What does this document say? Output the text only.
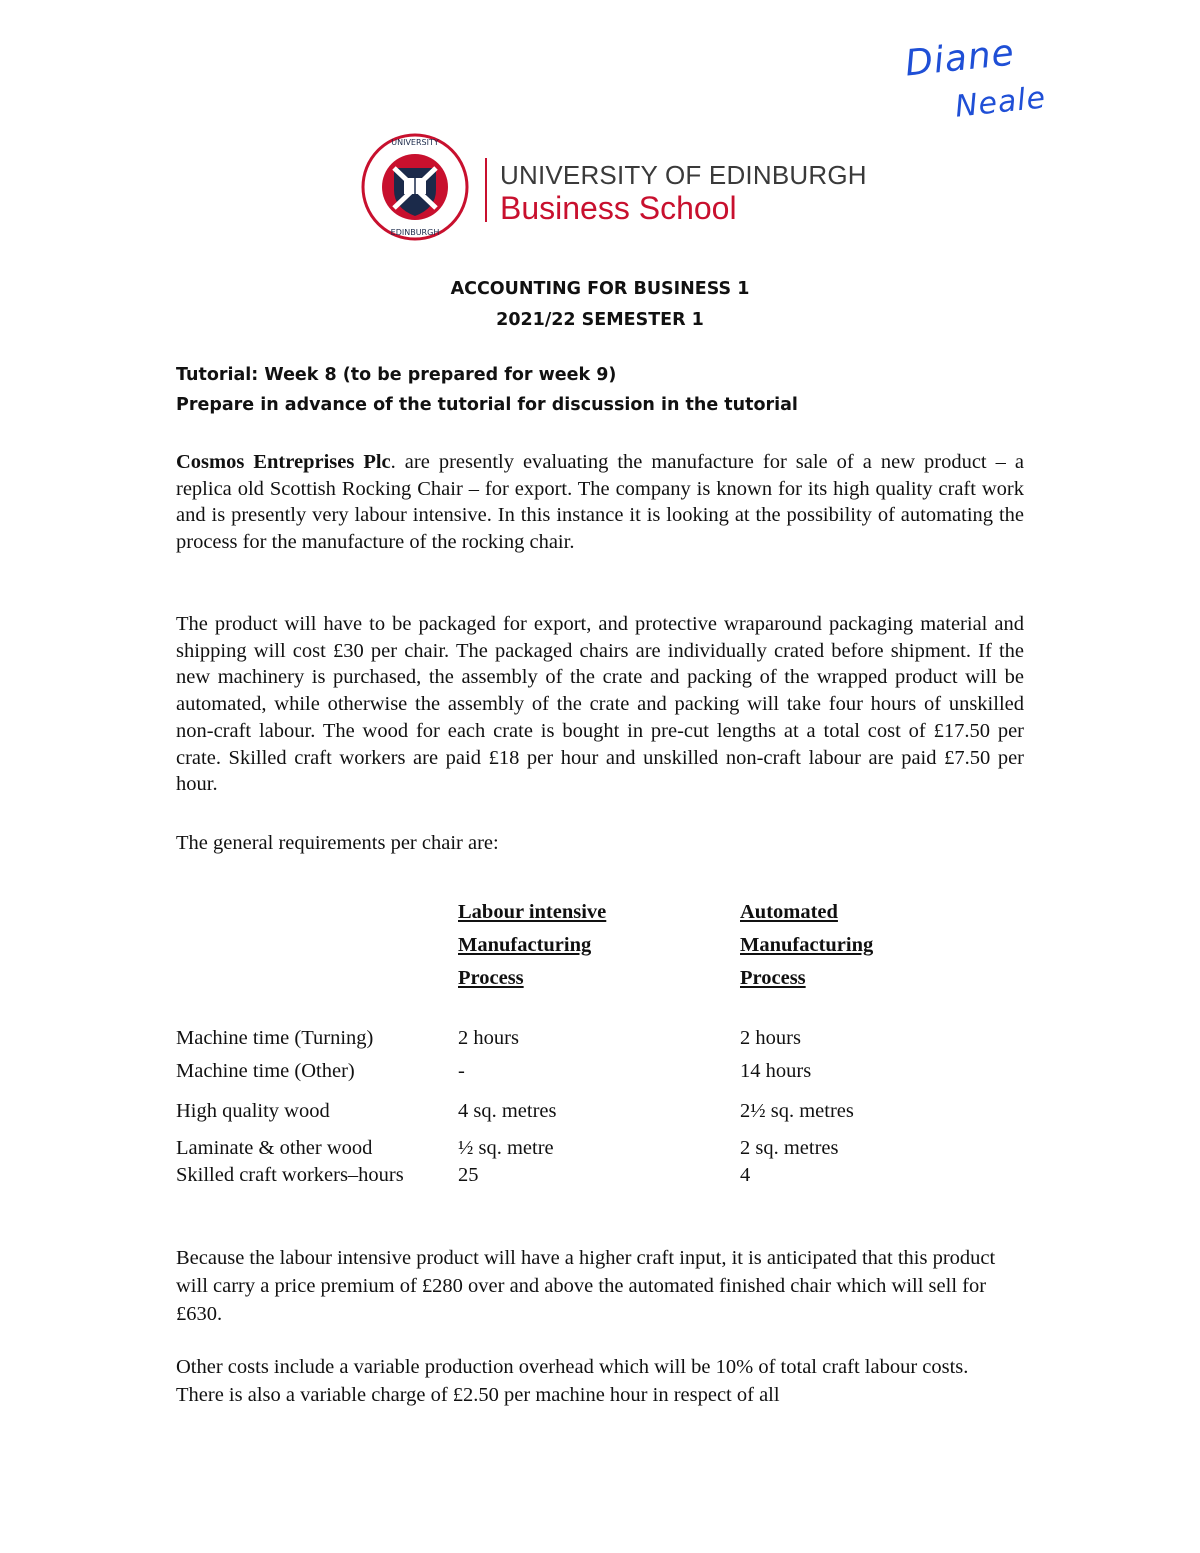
Diane
Neale
UNIVERSITY
EDINBURGH
UNIVERSITY OF EDINBURGH
Business School
ACCOUNTING FOR BUSINESS 1
2021/22 SEMESTER 1
Tutorial: Week 8 (to be prepared for week 9)
Prepare in advance of the tutorial for discussion in the tutorial
Cosmos Entreprises Plc. are presently evaluating the manufacture for sale of a new product – a replica old Scottish Rocking Chair – for export. The company is known for its high quality craft work and is presently very labour intensive. In this instance it is looking at the possibility of automating the process for the manufacture of the rocking chair.
The product will have to be packaged for export, and protective wraparound packaging material and shipping will cost £30 per chair. The packaged chairs are individually crated before shipment. If the new machinery is purchased, the assembly of the crate and packing of the wrapped product will be automated, while otherwise the assembly of the crate and packing will take four hours of unskilled non-craft labour. The wood for each crate is bought in pre-cut lengths at a total cost of £17.50 per crate. Skilled craft workers are paid £18 per hour and unskilled non-craft labour are paid £7.50 per hour.
The general requirements per chair are:
Labour intensive
Manufacturing
Process
Automated
Manufacturing
Process
Machine time (Turning)	2 hours	2 hours
Machine time (Other)	-	14 hours
High quality wood	4 sq. metres	2½ sq. metres
Laminate & other wood	½ sq. metre	2 sq. metres
Skilled craft workers–hours	25	4
Because the labour intensive product will have a higher craft input, it is anticipated that this product will carry a price premium of £280 over and above the automated finished chair which will sell for £630.
Other costs include a variable production overhead which will be 10% of total craft labour costs. There is also a variable charge of £2.50 per machine hour in respect of all
